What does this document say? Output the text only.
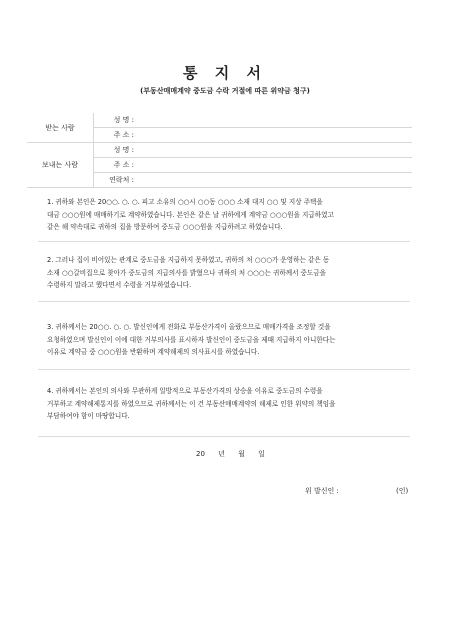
통 지 서
(부동산매매계약 중도금 수락 거절에 따른 위약금 청구)
받는 사람	성 명 :	
	주 소 :	
보내는 사람	성 명 :	
	주 소 :	
	연락처 :	
1. 귀하와 본인은 20○○. ○. ○. 피고 소유의 ○○시 ○○동 ○○○ 소재 대지 ○○ 및 지상 주택을
대금 ○○○원에 매매하기로 계약하였습니다. 본인은 같은 날 귀하에게 계약금 ○○○원을 지급하였고
같은 해 약속대로 귀하의 집을 방문하여 중도금 ○○○원을 지급하려고 하였습니다.
2. 그러나 집이 비어있는 관계로 중도금을 지급하지 못하였고, 귀하의 처 ○○○가 운영하는 같은 동
소재 ○○갈비집으로 찾아가 중도금의 지급의사를 밝혔으나 귀하의 처 ○○○는 귀하께서 중도금을
수령하지 말라고 했다면서 수령을 거부하였습니다.
3. 귀하께서는 20○○. ○. ○. 발신인에게 전화로 부동산가격이 올랐으므로 매매가격을 조정할 것을
요청하였으며 발신인이 이에 대한 거부의사를 표시하자 발신인이 중도금을 제때 지급하지 아니한다는
이유로 계약금 중 ○○○원을 반환하며 계약해제의 의사표시를 하였습니다.
4. 귀하께서는 본인의 의사와 무관하게 일방적으로 부동산가격의 상승을 이유로 중도금의 수령을
거부하고 계약해제통지를 하였으므로 귀하께서는 이 건 부동산매매계약의 해제로 인한 위약의 책임을
부담하여야 함이 마땅합니다.
20 년 월 일
위 발신인 :	(인)
